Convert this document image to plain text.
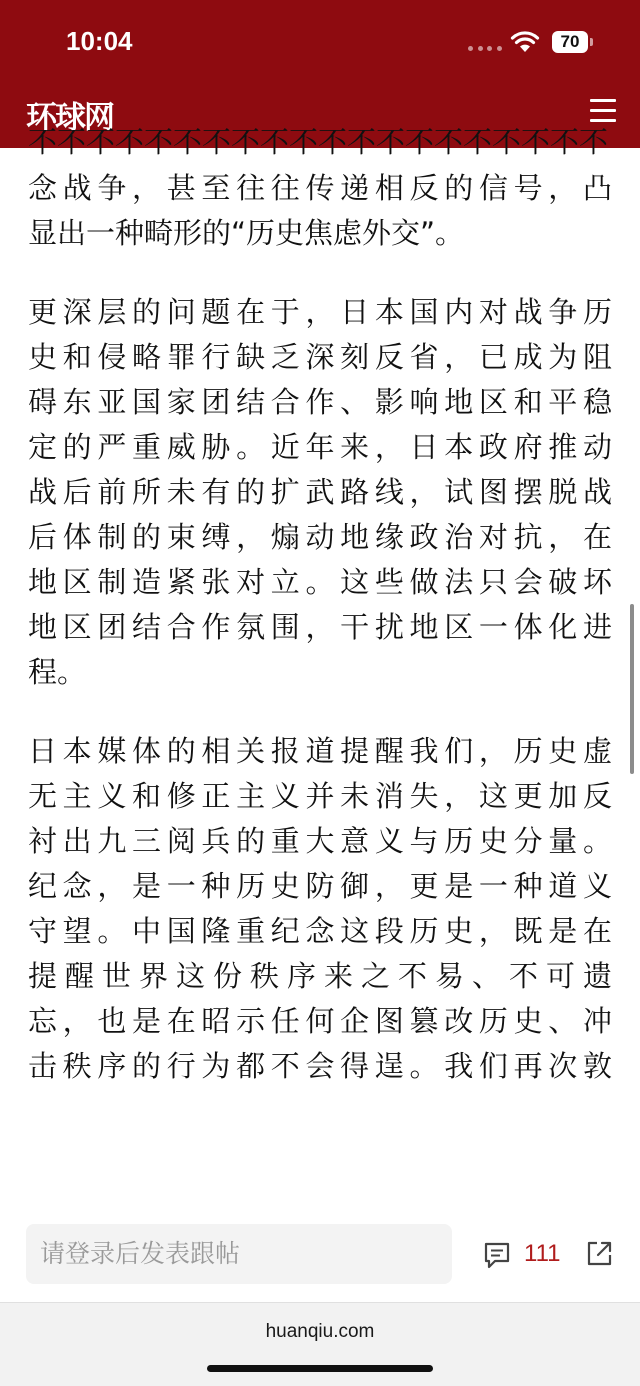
10:04	70
环球网
不不不不不不不不不不不不不不不不不不不不
念战争，甚至往往传递相反的信号，凸
显出一种畸形的“历史焦虑外交”。
更深层的问题在于，日本国内对战争历
史和侵略罪行缺乏深刻反省，已成为阻
碍东亚国家团结合作、影响地区和平稳
定的严重威胁。近年来，日本政府推动
战后前所未有的扩武路线，试图摆脱战
后体制的束缚，煽动地缘政治对抗，在
地区制造紧张对立。这些做法只会破坏
地区团结合作氛围，干扰地区一体化进
程。
日本媒体的相关报道提醒我们，历史虚
无主义和修正主义并未消失，这更加反
衬出九三阅兵的重大意义与历史分量。
纪念，是一种历史防御，更是一种道义
守望。中国隆重纪念这段历史，既是在
提醒世界这份秩序来之不易、不可遗
忘，也是在昭示任何企图篡改历史、冲
击秩序的行为都不会得逞。我们再次敦
请登录后发表跟帖	111
huanqiu.com
